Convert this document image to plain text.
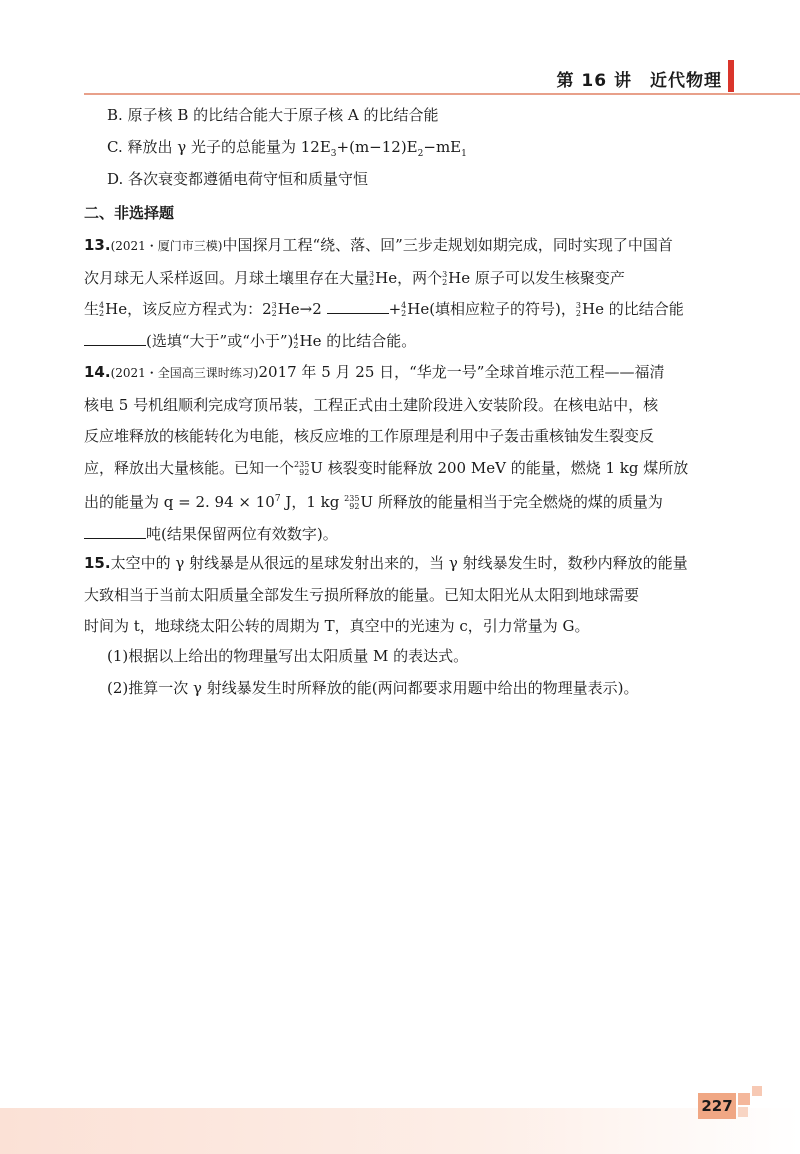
第 16 讲　近代物理
B. 原子核 B 的比结合能大于原子核 A 的比结合能
C. 释放出 γ 光子的总能量为 $12E_3+(m-12)E_2-mE_1$
D. 各次衰变都遵循电荷守恒和质量守恒
二、非选择题
13.(2021・厦门市三模)中国探月工程“绕、落、回”三步走规划如期完成，同时实现了中国首
次月球无人采样返回。月球土壤里存在大量 3
2 He，两个 3
2 He 原子可以发生核聚变产
生 4
2 He，该反应方程式为：2 3
2 He→2	+ 4
2 He(填相应粒子的符号)， 3
2 He 的比结合能
(选填“大于”或“小于”) 4
2 He 的比结合能。
14.(2021・全国高三课时练习)2017 年 5 月 25 日，“华龙一号”全球首堆示范工程——福清
核电 5 号机组顺利完成穹顶吊装，工程正式由土建阶段进入安装阶段。在核电站中，核
反应堆释放的核能转化为电能，核反应堆的工作原理是利用中子轰击重核铀发生裂变反
应，释放出大量核能。已知一个 235
92 U 核裂变时能释放 200 MeV 的能量，燃烧 1 kg 煤所放
出的能量为 q = 2. $94 \times 10^7$ J，1 kg 235
92 U 所释放的能量相当于完全燃烧的煤的质量为
吨(结果保留两位有效数字)。
15.太空中的 γ 射线暴是从很远的星球发射出来的，当 γ 射线暴发生时，数秒内释放的能量
大致相当于当前太阳质量全部发生亏损所释放的能量。已知太阳光从太阳到地球需要
时间为 t，地球绕太阳公转的周期为 T，真空中的光速为 c，引力常量为 G。
(1)根据以上给出的物理量写出太阳质量 M 的表达式。
(2)推算一次 γ 射线暴发生时所释放的能(两问都要求用题中给出的物理量表示)。
227
